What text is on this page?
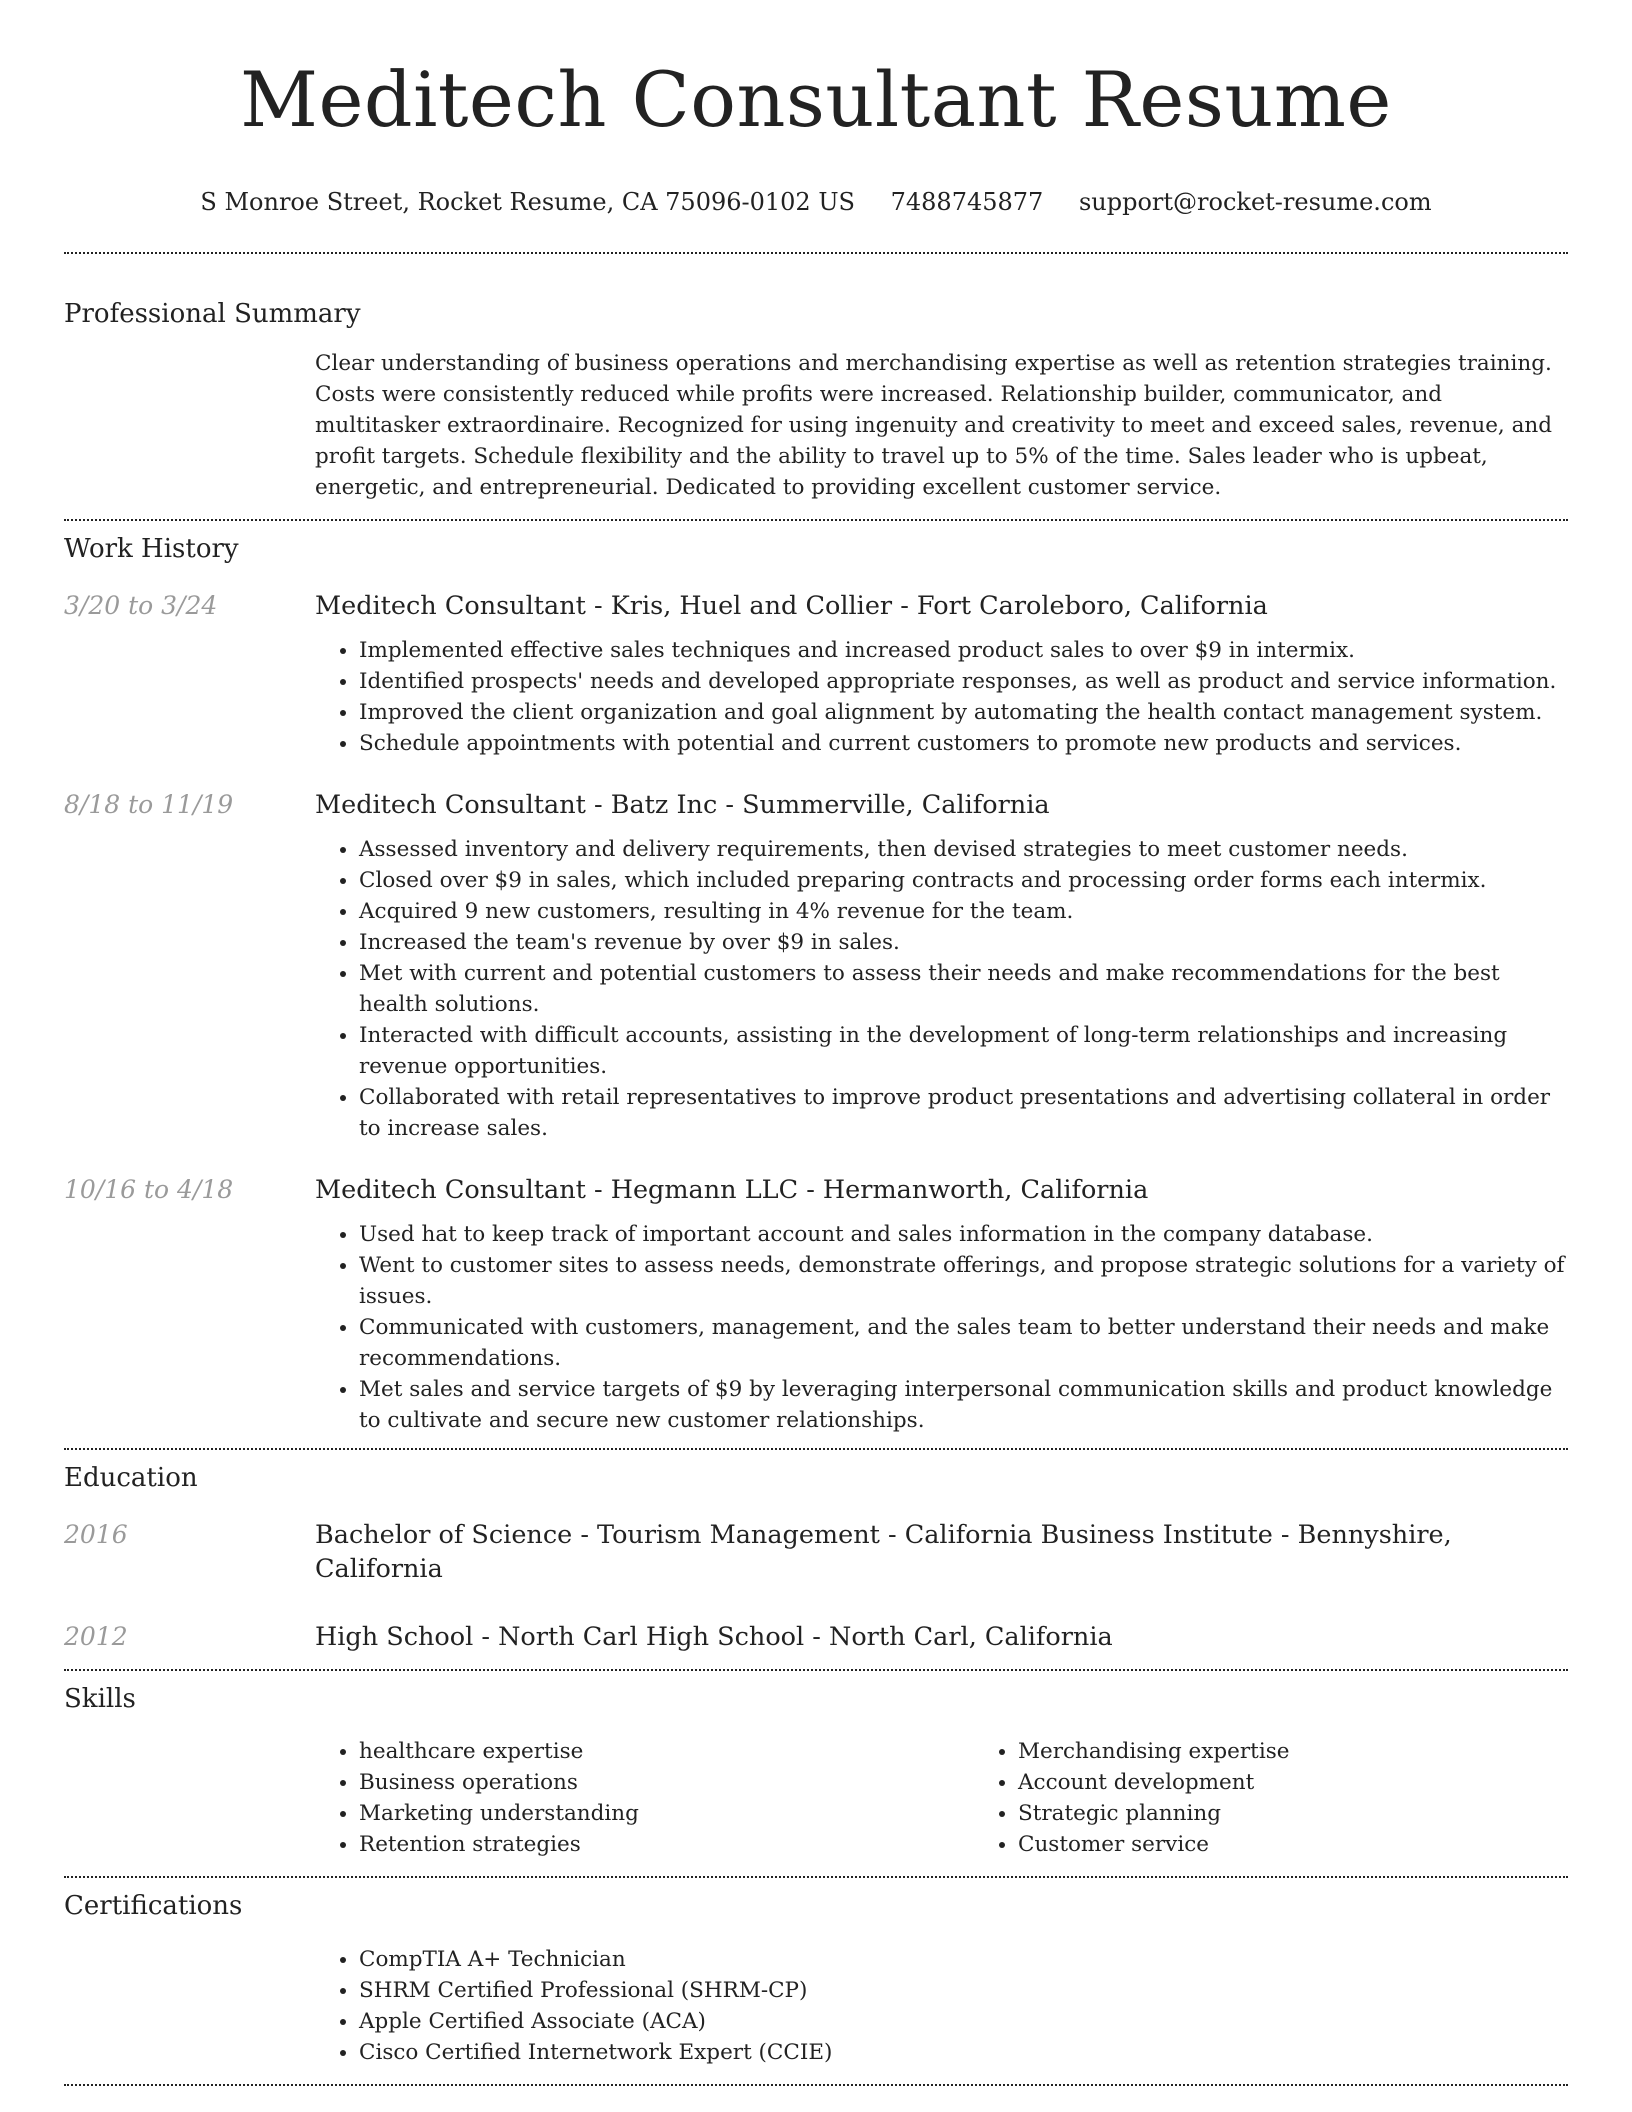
Meditech Consultant Resume
S Monroe Street, Rocket Resume, CA 75096-0102 US 7488745877 support@rocket-resume.com
Professional Summary

Clear understanding of business operations and merchandising expertise as well as retention strategies training. Costs were consistently reduced while profits were increased. Relationship builder, communicator, and multitasker extraordinaire. Recognized for using ingenuity and creativity to meet and exceed sales, revenue, and profit targets. Schedule flexibility and the ability to travel up to 5% of the time. Sales leader who is upbeat, energetic, and entrepreneurial. Dedicated to providing excellent customer service.

Work History
3/20 to 3/24	Meditech Consultant - Kris, Huel and Collier - Fort Caroleboro, California

• Implemented effective sales techniques and increased product sales to over $9 in intermix.
• Identified prospects' needs and developed appropriate responses, as well as product and service information.
• Improved the client organization and goal alignment by automating the health contact management system.
• Schedule appointments with potential and current customers to promote new products and services.
8/18 to 11/19	Meditech Consultant - Batz Inc - Summerville, California

• Assessed inventory and delivery requirements, then devised strategies to meet customer needs.
• Closed over $9 in sales, which included preparing contracts and processing order forms each intermix.
• Acquired 9 new customers, resulting in 4% revenue for the team.
• Increased the team's revenue by over $9 in sales.
• Met with current and potential customers to assess their needs and make recommendations for the best health solutions.
• Interacted with difficult accounts, assisting in the development of long-term relationships and increasing revenue opportunities.
• Collaborated with retail representatives to improve product presentations and advertising collateral in order to increase sales.
10/16 to 4/18	Meditech Consultant - Hegmann LLC - Hermanworth, California

• Used hat to keep track of important account and sales information in the company database.
• Went to customer sites to assess needs, demonstrate offerings, and propose strategic solutions for a variety of issues.
• Communicated with customers, management, and the sales team to better understand their needs and make recommendations.
• Met sales and service targets of $9 by leveraging interpersonal communication skills and product knowledge to cultivate and secure new customer relationships.
Education
2016	Bachelor of Science - Tourism Management - California Business Institute - Bennyshire, California

2012	High School - North Carl High School - North Carl, California

Skills
• healthcare expertise
• Business operations
• Marketing understanding
• Retention strategies
• Merchandising expertise
• Account development
• Strategic planning
• Customer service
Certifications
• CompTIA A+ Technician
• SHRM Certified Professional (SHRM-CP)
• Apple Certified Associate (ACA)
• Cisco Certified Internetwork Expert (CCIE)
